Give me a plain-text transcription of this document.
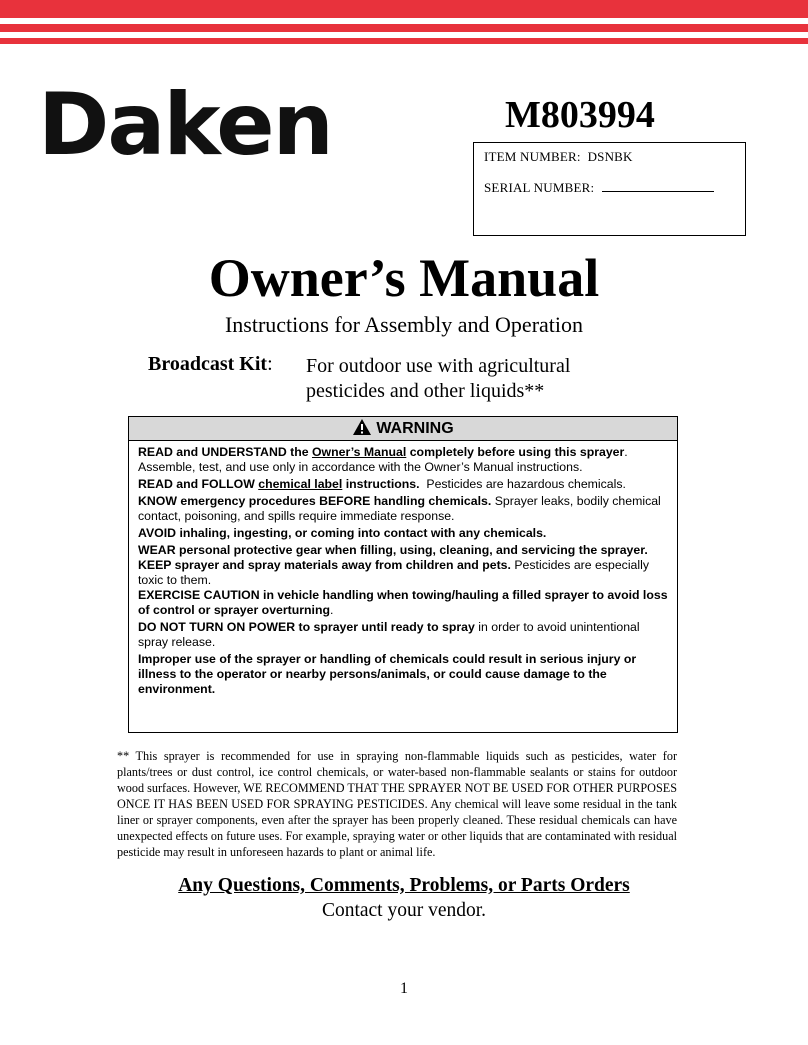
Daken	M803994
ITEM NUMBER: DSNBK
SERIAL NUMBER:
Owner’s Manual
Instructions for Assembly and Operation
Broadcast Kit: For outdoor use with agricultural
pesticides and other liquids**
WARNING

READ and UNDERSTAND the Owner’s Manual completely before using this sprayer.
Assemble, test, and use only in accordance with the Owner’s Manual instructions.

READ and FOLLOW chemical label instructions.  Pesticides are hazardous chemicals.

KNOW emergency procedures BEFORE handling chemicals. Sprayer leaks, bodily chemical contact, poisoning, and spills require immediate response.

AVOID inhaling, ingesting, or coming into contact with any chemicals.

WEAR personal protective gear when filling, using, cleaning, and servicing the sprayer.

KEEP sprayer and spray materials away from children and pets. Pesticides are especially toxic to them.

EXERCISE CAUTION in vehicle handling when towing/hauling a filled sprayer to avoid loss of control or sprayer overturning.

DO NOT TURN ON POWER to sprayer until ready to spray in order to avoid unintentional spray release.

Improper use of the sprayer or handling of chemicals could result in serious injury or illness to the operator or nearby persons/animals, or could cause damage to the environment.

** This sprayer is recommended for use in spraying non-flammable liquids such as pesticides, water for plants/trees or dust control, ice control chemicals, or water-based non-flammable sealants or stains for outdoor wood surfaces. However, WE RECOMMEND THAT THE SPRAYER NOT BE USED FOR OTHER PURPOSES ONCE IT HAS BEEN USED FOR SPRAYING PESTICIDES. Any chemical will leave some residual in the tank liner or sprayer components, even after the sprayer has been properly cleaned. These residual chemicals can have unexpected effects on future uses. For example, spraying water or other liquids that are contaminated with residual pesticide may result in unforeseen hazards to plant or animal life.
Any Questions, Comments, Problems, or Parts Orders
Contact your vendor.
1
